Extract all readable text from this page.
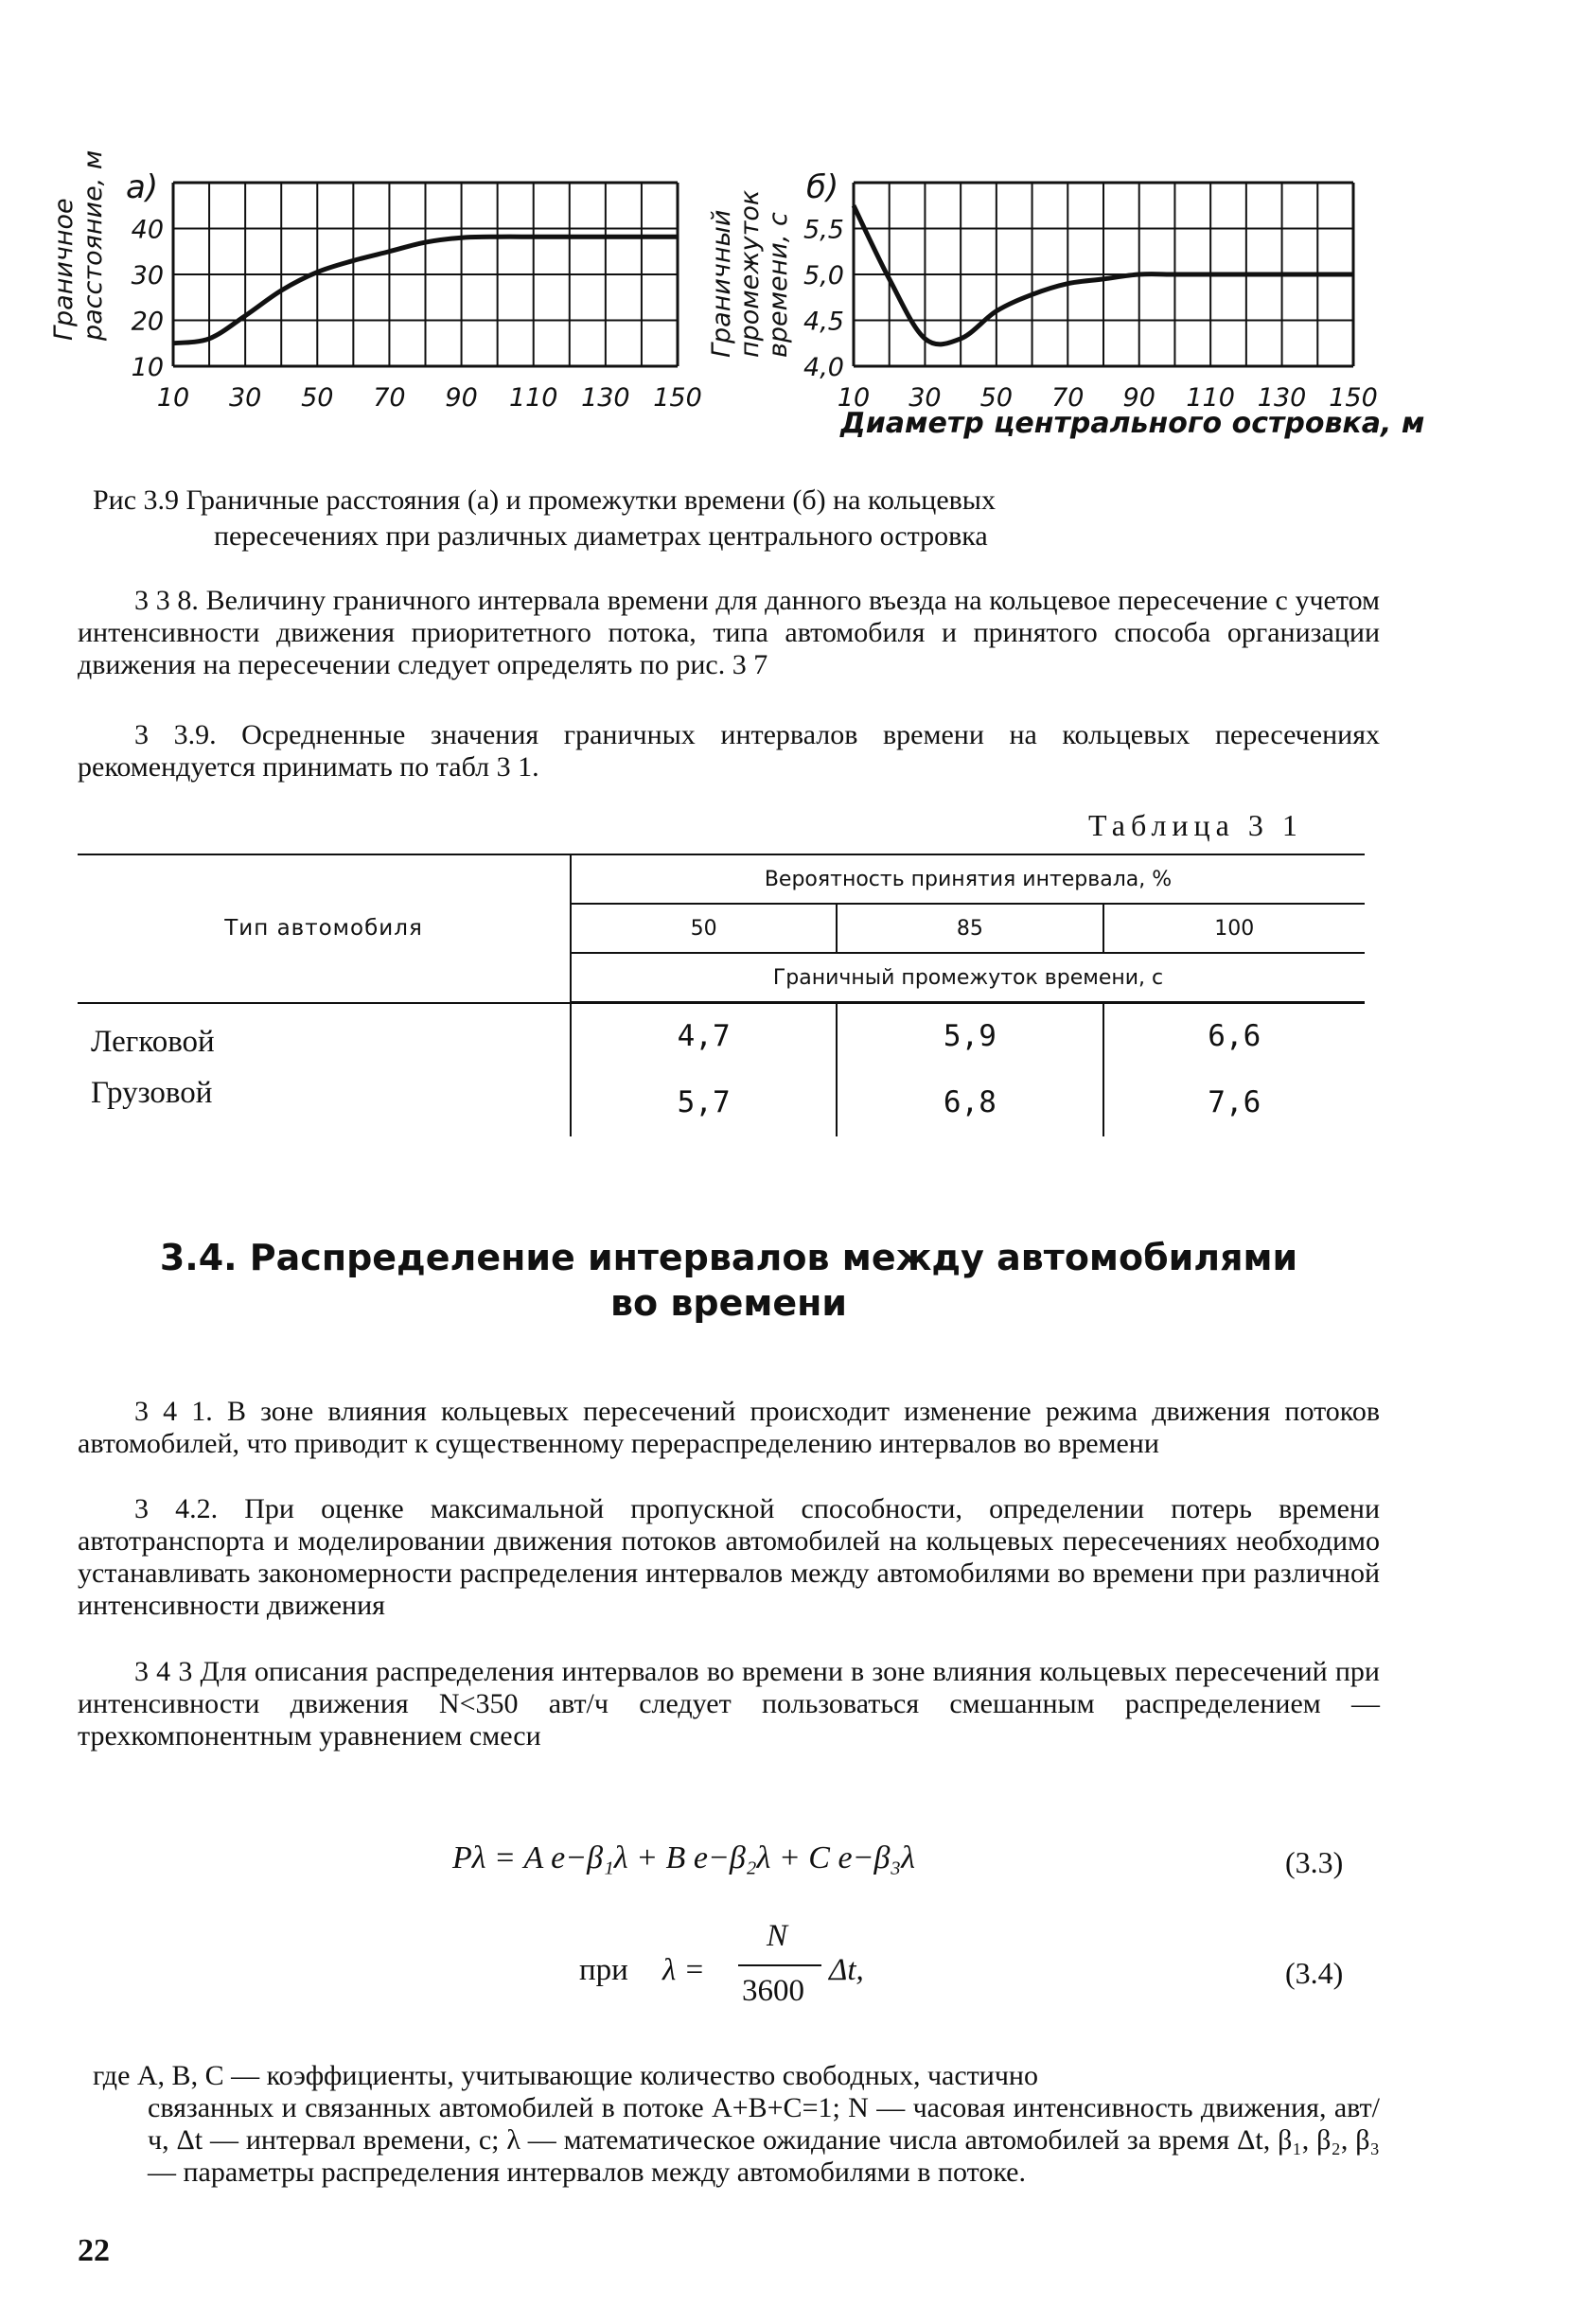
Граничное расстояние, м
10 30 50 70 90 110 130 150
10
20
30
40
а)
10 30 50 70 90 110 130 150
4,0
4,5
5,0
5,5
б)
Граничный промежуток времени, с
Диаметр центрального островка, м
Рис 3.9 Граничные расстояния (а) и промежутки времени (б) на кольцевых
пересечениях при различных диаметрах центрального островка

3 3 8. Величину граничного интервала времени для данного въезда на кольцевое пересечение с учетом интенсивности движения приоритетного потока, типа автомобиля и принятого способа организации движения на пересечении следует определять по рис. 3 7

3 3.9. Осредненные значения граничных интервалов времени на кольцевых пересечениях рекомендуется принимать по табл 3 1.

Таблица 3 1
Тип автомобиля	Вероятность принятия интервала, %		
	50	85	100
	Граничный промежуток времени, с		
Легковой	4,7	5,9	6,6
Грузовой	5,7	6,8	7,6
3.4. Распределение интервалов между автомобилями
во времени

3 4 1. В зоне влияния кольцевых пересечений происходит изменение режима движения потоков автомобилей, что приводит к существенному перераспределению интервалов во времени

3 4.2. При оценке максимальной пропускной способности, определении потерь времени автотранспорта и моделировании движения потоков автомобилей на кольцевых пересечениях необходимо устанавливать закономерности распределения интервалов между автомобилями во времени при различной интенсивности движения

3 4 3 Для описания распределения интервалов во времени в зоне влияния кольцевых пересечений при интенсивности движения N<350 авт/ч следует пользоваться смешанным распределением — трехкомпонентным уравнением смеси

Pλ = A e−β₁λ + B e−β₂λ + C e−β₃λ	(3.3)
при λ =
N
3600
Δt,	(3.4)

где A, B, C — коэффициенты, учитывающие количество свободных, частично
связанных и связанных автомобилей в потоке A+B+C=1; N — часовая интенсивность движения, авт/ч, Δt — интервал времени, с; λ — математическое ожидание числа автомобилей за время Δt, β₁, β₂, β₃ — параметры распределения интервалов между автомобилями в потоке.

22
